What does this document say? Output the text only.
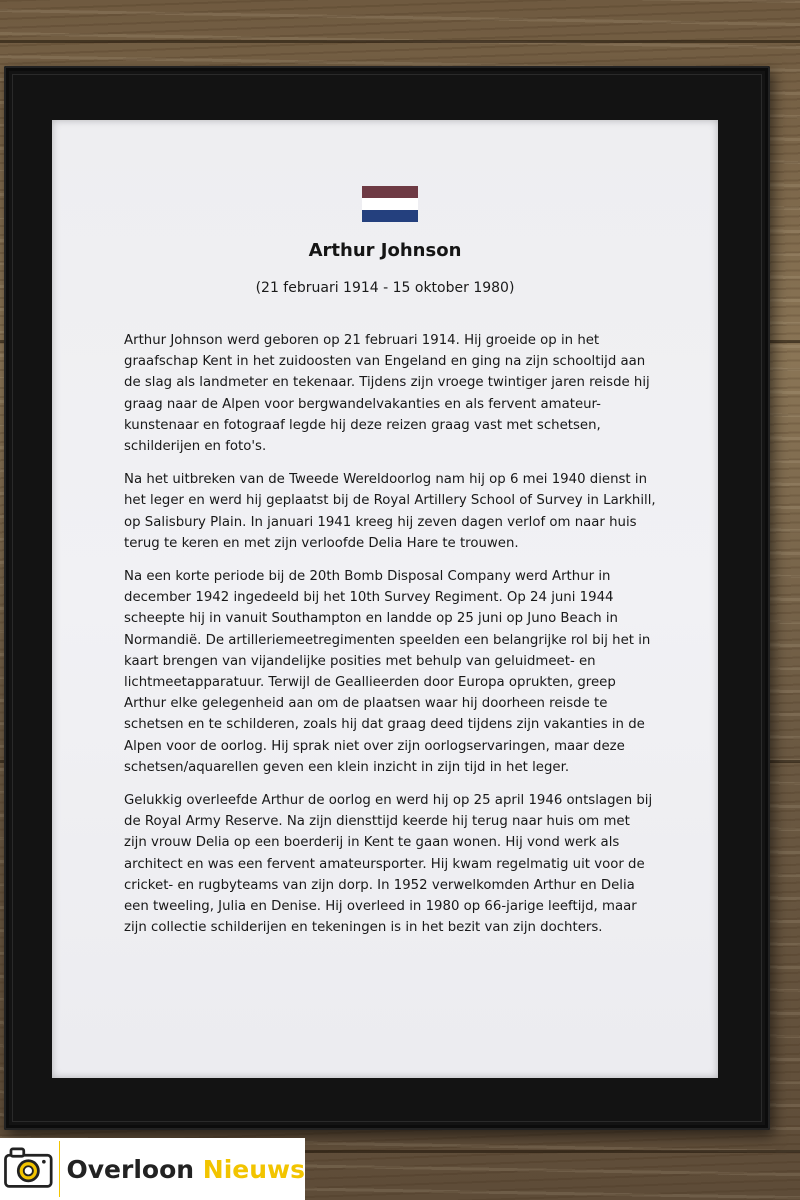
Arthur Johnson
(21 februari 1914 - 15 oktober 1980)

Arthur Johnson werd geboren op 21 februari 1914. Hij groeide op in het graafschap Kent in het zuidoosten van Engeland en ging na zijn schooltijd aan de slag als landmeter en tekenaar. Tijdens zijn vroege twintiger jaren reisde hij graag naar de Alpen voor bergwandelvakanties en als fervent amateur-kunstenaar en fotograaf legde hij deze reizen graag vast met schetsen, schilderijen en foto's.

Na het uitbreken van de Tweede Wereldoorlog nam hij op 6 mei 1940 dienst in het leger en werd hij geplaatst bij de Royal Artillery School of Survey in Larkhill, op Salisbury Plain. In januari 1941 kreeg hij zeven dagen verlof om naar huis terug te keren en met zijn verloofde Delia Hare te trouwen.

Na een korte periode bij de 20th Bomb Disposal Company werd Arthur in december 1942 ingedeeld bij het 10th Survey Regiment. Op 24 juni 1944 scheepte hij in vanuit Southampton en landde op 25 juni op Juno Beach in Normandië. De artilleriemeetregimenten speelden een belangrijke rol bij het in kaart brengen van vijandelijke posities met behulp van geluidmeet- en lichtmeetapparatuur. Terwijl de Geallieerden door Europa oprukten, greep Arthur elke gelegenheid aan om de plaatsen waar hij doorheen reisde te schetsen en te schilderen, zoals hij dat graag deed tijdens zijn vakanties in de Alpen voor de oorlog. Hij sprak niet over zijn oorlogservaringen, maar deze schetsen/aquarellen geven een klein inzicht in zijn tijd in het leger.

Gelukkig overleefde Arthur de oorlog en werd hij op 25 april 1946 ontslagen bij de Royal Army Reserve. Na zijn diensttijd keerde hij terug naar huis om met zijn vrouw Delia op een boerderij in Kent te gaan wonen. Hij vond werk als architect en was een fervent amateursporter. Hij kwam regelmatig uit voor de cricket- en rugbyteams van zijn dorp. In 1952 verwelkomden Arthur en Delia een tweeling, Julia en Denise. Hij overleed in 1980 op 66-jarige leeftijd, maar zijn collectie schilderijen en tekeningen is in het bezit van zijn dochters.

Overloon Nieuws
